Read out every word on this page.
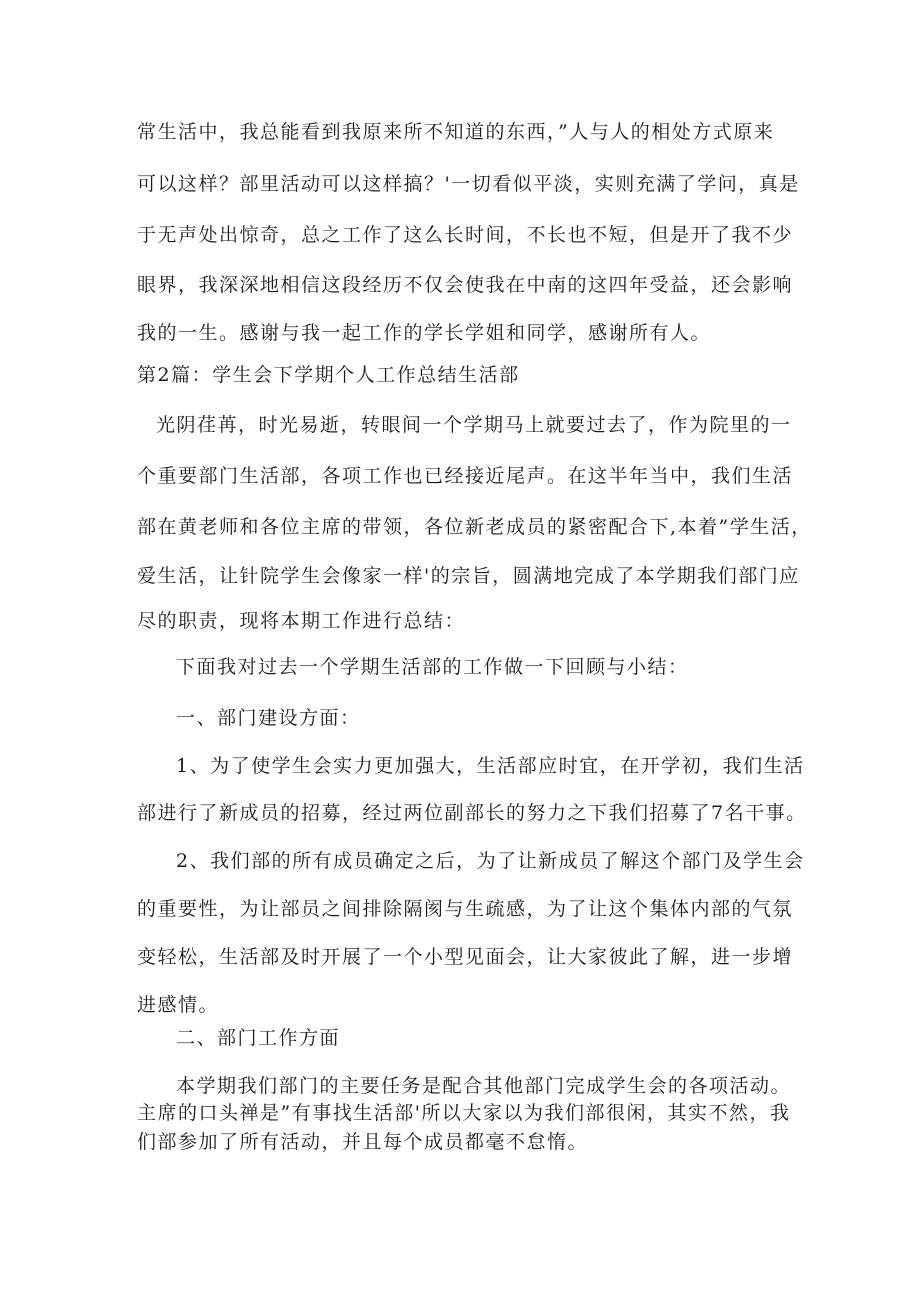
常生活中，我总能看到我原来所不知道的东西，”人与人的相处方式原来
可以这样？部里活动可以这样搞？'一切看似平淡，实则充满了学问，真是
于无声处出惊奇，总之工作了这么长时间，不长也不短，但是开了我不少
眼界，我深深地相信这段经历不仅会使我在中南的这四年受益，还会影响
我的一生。感谢与我一起工作的学长学姐和同学，感谢所有人。
第2篇：学生会下学期个人工作总结生活部
光阴荏苒，时光易逝，转眼间一个学期马上就要过去了，作为院里的一
个重要部门生活部，各项工作也已经接近尾声。在这半年当中，我们生活
部在黄老师和各位主席的带领，各位新老成员的紧密配合下,本着”学生活，
爱生活，让针院学生会像家一样'的宗旨，圆满地完成了本学期我们部门应
尽的职责，现将本期工作进行总结：
下面我对过去一个学期生活部的工作做一下回顾与小结：
一、部门建设方面：
1、为了使学生会实力更加强大，生活部应时宜，在开学初，我们生活
部进行了新成员的招募，经过两位副部长的努力之下我们招募了7名干事。
2、我们部的所有成员确定之后，为了让新成员了解这个部门及学生会
的重要性，为让部员之间排除隔阂与生疏感，为了让这个集体内部的气氛
变轻松，生活部及时开展了一个小型见面会，让大家彼此了解，进一步增
进感情。
二、部门工作方面
本学期我们部门的主要任务是配合其他部门完成学生会的各项活动。
主席的口头禅是”有事找生活部'所以大家以为我们部很闲，其实不然，我
们部参加了所有活动，并且每个成员都毫不怠惰。
